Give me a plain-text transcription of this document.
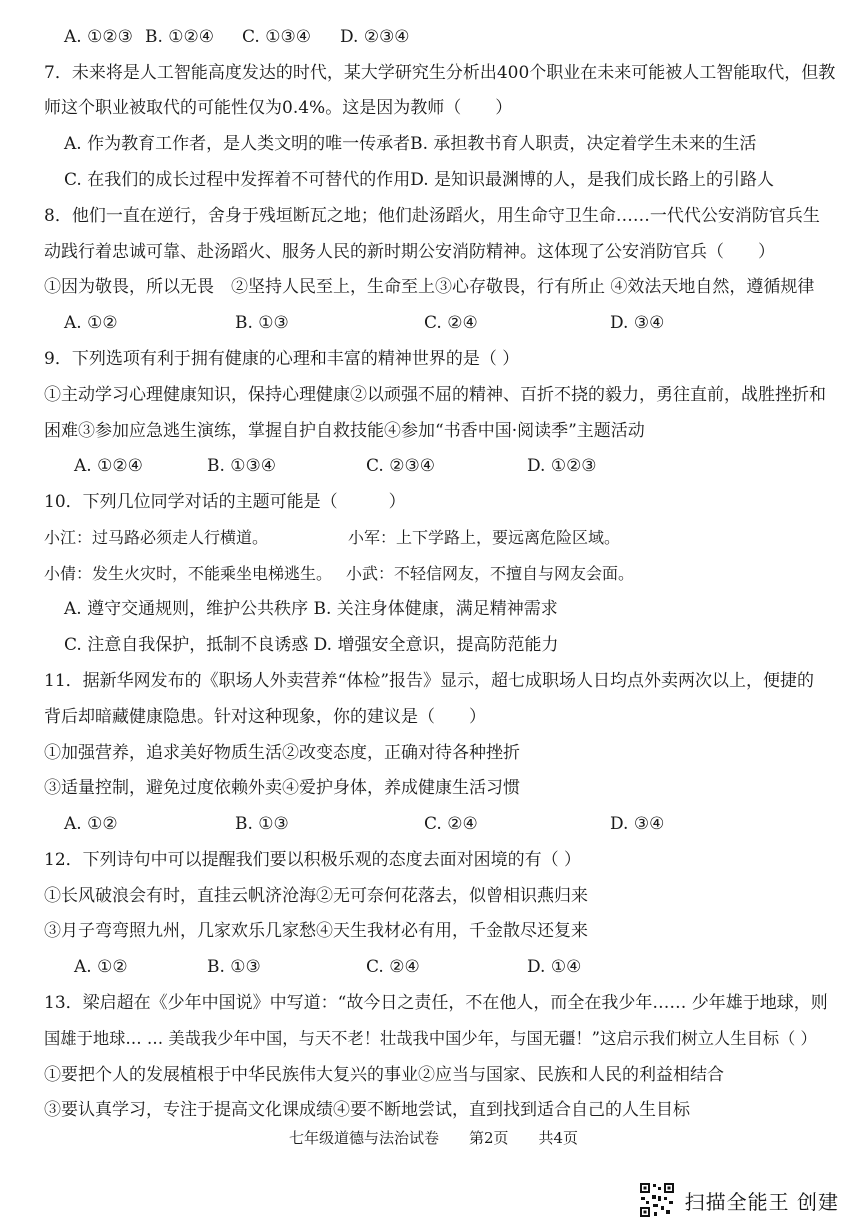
A. ①②③ B. ①②④ C. ①③④ D. ②③④
7．未来将是人工智能高度发达的时代，某大学研究生分析出400个职业在未来可能被人工智能取代，但教
师这个职业被取代的可能性仅为0.4%。这是因为教师（　　）
A. 作为教育工作者，是人类文明的唯一传承者B. 承担教书育人职责，决定着学生未来的生活
C. 在我们的成长过程中发挥着不可替代的作用D. 是知识最渊博的人，是我们成长路上的引路人
8．他们一直在逆行，舍身于残垣断瓦之地；他们赴汤蹈火，用生命守卫生命……一代代公安消防官兵生
动践行着忠诚可靠、赴汤蹈火、服务人民的新时期公安消防精神。这体现了公安消防官兵（　　）
①因为敬畏，所以无畏　②坚持人民至上，生命至上③心存敬畏，行有所止 ④效法天地自然，遵循规律
A. ①②	B. ①③	C. ②④	D. ③④
9．下列选项有利于拥有健康的心理和丰富的精神世界的是（ ）
①主动学习心理健康知识，保持心理健康②以顽强不屈的精神、百折不挠的毅力，勇往直前，战胜挫折和
困难③参加应急逃生演练，掌握自护自救技能④参加“书香中国·阅读季”主题活动
A. ①②④	B. ①③④	C. ②③④	D. ①②③
10．下列几位同学对话的主题可能是（　　　）
小江：过马路必须走人行横道。	小军：上下学路上，要远离危险区域。
小倩：发生火灾时，不能乘坐电梯逃生。 小武：不轻信网友，不擅自与网友会面。
A. 遵守交通规则，维护公共秩序 B. 关注身体健康，满足精神需求
C. 注意自我保护，抵制不良诱惑 D. 增强安全意识，提高防范能力
11．据新华网发布的《职场人外卖营养“体检”报告》显示，超七成职场人日均点外卖两次以上，便捷的
背后却暗藏健康隐患。针对这种现象，你的建议是（　　）
①加强营养，追求美好物质生活②改变态度，正确对待各种挫折
③适量控制，避免过度依赖外卖④爱护身体，养成健康生活习惯
A. ①②	B. ①③	C. ②④	D. ③④
12．下列诗句中可以提醒我们要以积极乐观的态度去面对困境的有（ ）
①长风破浪会有时，直挂云帆济沧海②无可奈何花落去，似曾相识燕归来
③月子弯弯照九州，几家欢乐几家愁④天生我材必有用，千金散尽还复来
A. ①②	B. ①③	C. ②④	D. ①④
13．梁启超在《少年中国说》中写道：“故今日之责任，不在他人，而全在我少年…… 少年雄于地球，则
国雄于地球… … 美哉我少年中国，与天不老！壮哉我中国少年，与国无疆！”这启示我们树立人生目标（ ）
①要把个人的发展植根于中华民族伟大复兴的事业②应当与国家、民族和人民的利益相结合
③要认真学习，专注于提高文化课成绩④要不断地尝试，直到找到适合自己的人生目标
七年级道德与法治试卷　　第2页　　共4页
扫描全能王 创建
